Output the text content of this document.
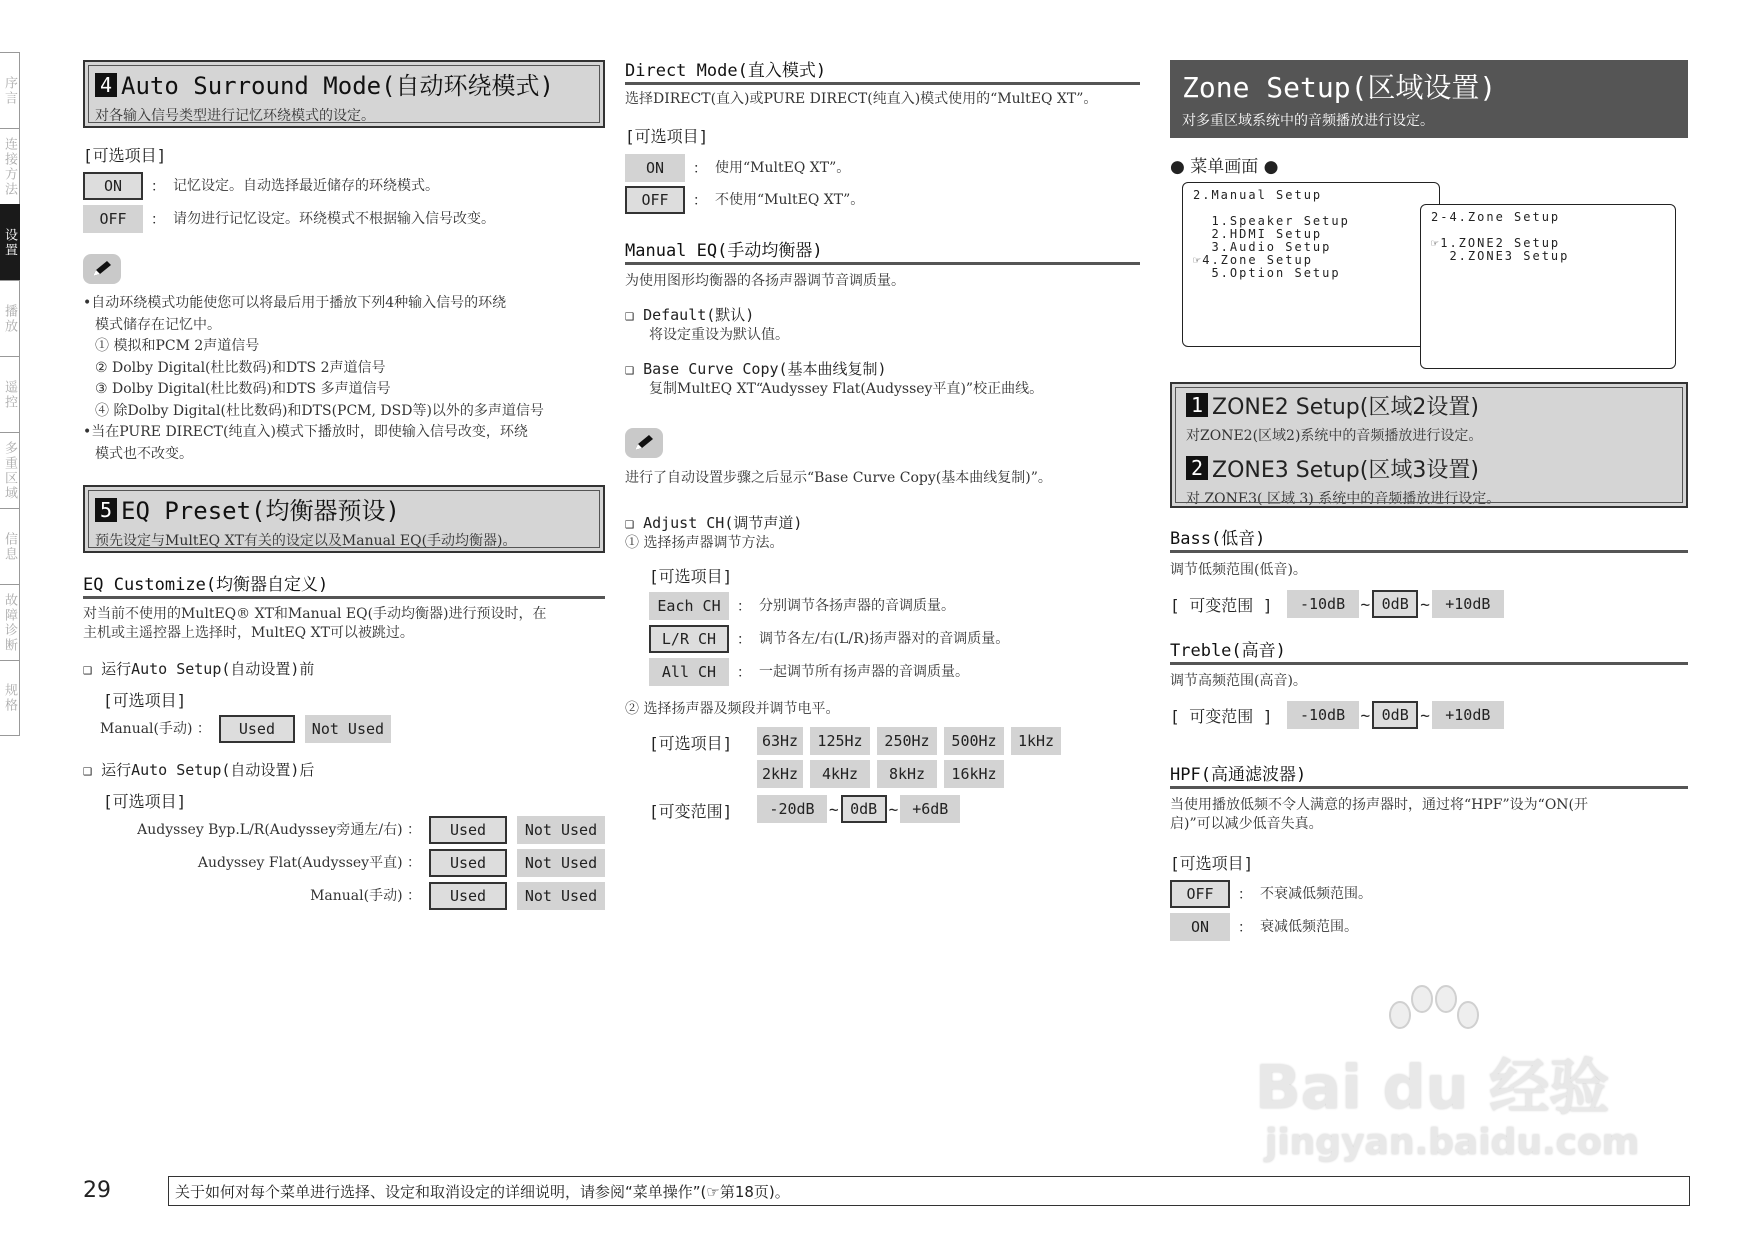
序言
连接方法
设置
播放
遥控
多重区域
信息
故障诊断
规格
4 Auto Surround Mode(自动环绕模式)
对各输入信号类型进行记忆环绕模式的设定。
[可选项目]
ON	： 记忆设定。自动选择最近储存的环绕模式。
OFF	： 请勿进行记忆设定。环绕模式不根据输入信号改变。
•自动环绕模式功能使您可以将最后用于播放下列4种输入信号的环绕
模式储存在记忆中。
① 模拟和PCM 2声道信号
② Dolby Digital(杜比数码)和DTS 2声道信号
③ Dolby Digital(杜比数码)和DTS 多声道信号
④ 除Dolby Digital(杜比数码)和DTS(PCM, DSD等)以外的多声道信号
•当在PURE DIRECT(纯直入)模式下播放时，即使输入信号改变，环绕
模式也不改变。
5 EQ Preset(均衡器预设)
预先设定与MultEQ XT有关的设定以及Manual EQ(手动均衡器)。
EQ Customize(均衡器自定义)
对当前不使用的MultEQ® XT和Manual EQ(手动均衡器)进行预设时，在
主机或主遥控器上选择时，MultEQ XT可以被跳过。
❑ 运行Auto Setup(自动设置)前
[可选项目]
Manual(手动) ：	Used	Not Used
❑ 运行Auto Setup(自动设置)后
[可选项目]
Audyssey Byp.L/R(Audyssey旁通左/右) ：	Used	Not Used
Audyssey Flat(Audyssey平直) ：	Used	Not Used
Manual(手动) ：	Used	Not Used
Direct Mode(直入模式)
选择DIRECT(直入)或PURE DIRECT(纯直入)模式使用的“MultEQ XT”。
[可选项目]
ON	： 使用“MultEQ XT”。
OFF	： 不使用“MultEQ XT”。
Manual EQ(手动均衡器)
为使用图形均衡器的各扬声器调节音调质量。
❑ Default(默认)
将设定重设为默认值。
❑ Base Curve Copy(基本曲线复制)
复制MultEQ XT“Audyssey Flat(Audyssey平直)”校正曲线。
进行了自动设置步骤之后显示“Base Curve Copy(基本曲线复制)”。
❑ Adjust CH(调节声道)
① 选择扬声器调节方法。
[可选项目]
Each CH	： 分别调节各扬声器的音调质量。
L/R CH	： 调节各左/右(L/R)扬声器对的音调质量。
All CH	： 一起调节所有扬声器的音调质量。
② 选择扬声器及频段并调节电平。
[可选项目]	63Hz	125Hz	250Hz	500Hz	1kHz
2kHz	4kHz	8kHz	16kHz
[可变范围]	-20dB ~ 0dB ~ +6dB
Zone Setup(区域设置)
对多重区域系统中的音频播放进行设定。
● 菜单画面 ●
2.Manual Setup

1.Speaker Setup
2.HDMI Setup
3.Audio Setup
☞4.Zone Setup
5.Option Setup
2-4.Zone Setup

☞1.ZONE2 Setup
2.ZONE3 Setup
1 ZONE2 Setup(区域2设置)
对ZONE2(区域2)系统中的音频播放进行设定。
2 ZONE3 Setup(区域3设置)
对 ZONE3( 区域 3) 系统中的音频播放进行设定。
Bass(低音)
调节低频范围(低音)。
[ 可变范围 ]	-10dB ~ 0dB ~	+10dB
Treble(高音)
调节高频范围(高音)。
[ 可变范围 ]	-10dB ~ 0dB ~	+10dB
HPF(高通滤波器)
当使用播放低频不令人满意的扬声器时，通过将“HPF”设为“ON(开
启)”可以减少低音失真。
[可选项目]
OFF	： 不衰减低频范围。
ON	： 衰减低频范围。
Bai du 经验
jingyan.baidu.com
29	关于如何对每个菜单进行选择、设定和取消设定的详细说明，请参阅“菜单操作”(☞第18页)。
